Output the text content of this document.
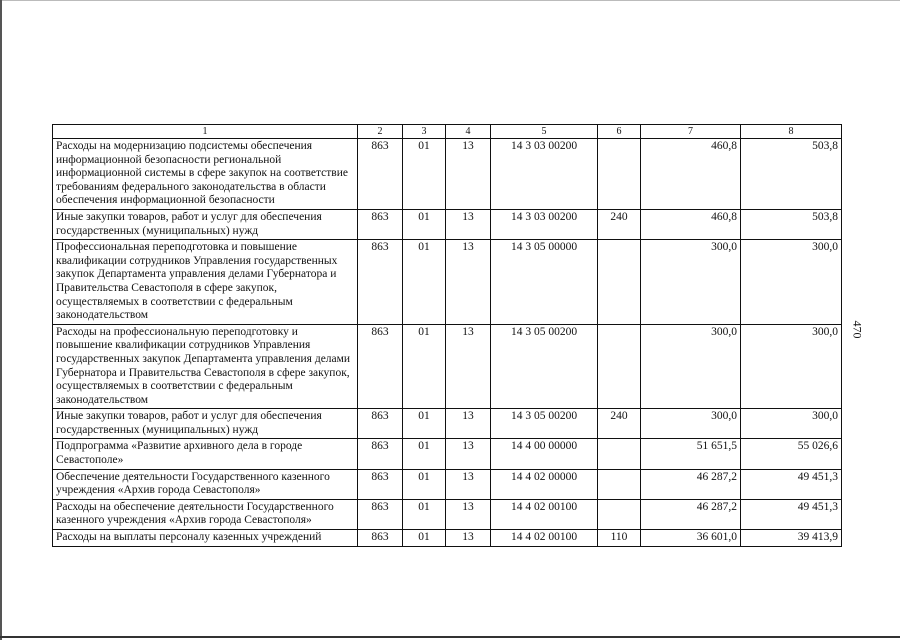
1	2	3	4	5	6	7	8
Расходы на модернизацию подсистемы обеспечения информационной безопасности региональной информационной системы в сфере закупок на соответствие требованиям федерального законодательства в области обеспечения информационной безопасности	863	01	13	14 3 03 00200		460,8	503,8
Иные закупки товаров, работ и услуг для обеспечения государственных (муниципальных) нужд	863	01	13	14 3 03 00200	240	460,8	503,8
Профессиональная переподготовка и повышение квалификации сотрудников Управления государственных закупок Департамента управления делами Губернатора и Правительства Севастополя в сфере закупок, осуществляемых в соответствии с федеральным законодательством	863	01	13	14 3 05 00000		300,0	300,0
Расходы на профессиональную переподготовку и повышение квалификации сотрудников Управления государственных закупок Департамента управления делами Губернатора и Правительства Севастополя в сфере закупок, осуществляемых в соответствии с федеральным законодательством	863	01	13	14 3 05 00200		300,0	300,0
Иные закупки товаров, работ и услуг для обеспечения государственных (муниципальных) нужд	863	01	13	14 3 05 00200	240	300,0	300,0
Подпрограмма «Развитие архивного дела в городе Севастополе»	863	01	13	14 4 00 00000		51 651,5	55 026,6
Обеспечение деятельности Государственного казенного учреждения «Архив города Севастополя»	863	01	13	14 4 02 00000		46 287,2	49 451,3
Расходы на обеспечение деятельности Государственного казенного учреждения «Архив города Севастополя»	863	01	13	14 4 02 00100		46 287,2	49 451,3
Расходы на выплаты персоналу казенных учреждений	863	01	13	14 4 02 00100	110	36 601,0	39 413,9
470
